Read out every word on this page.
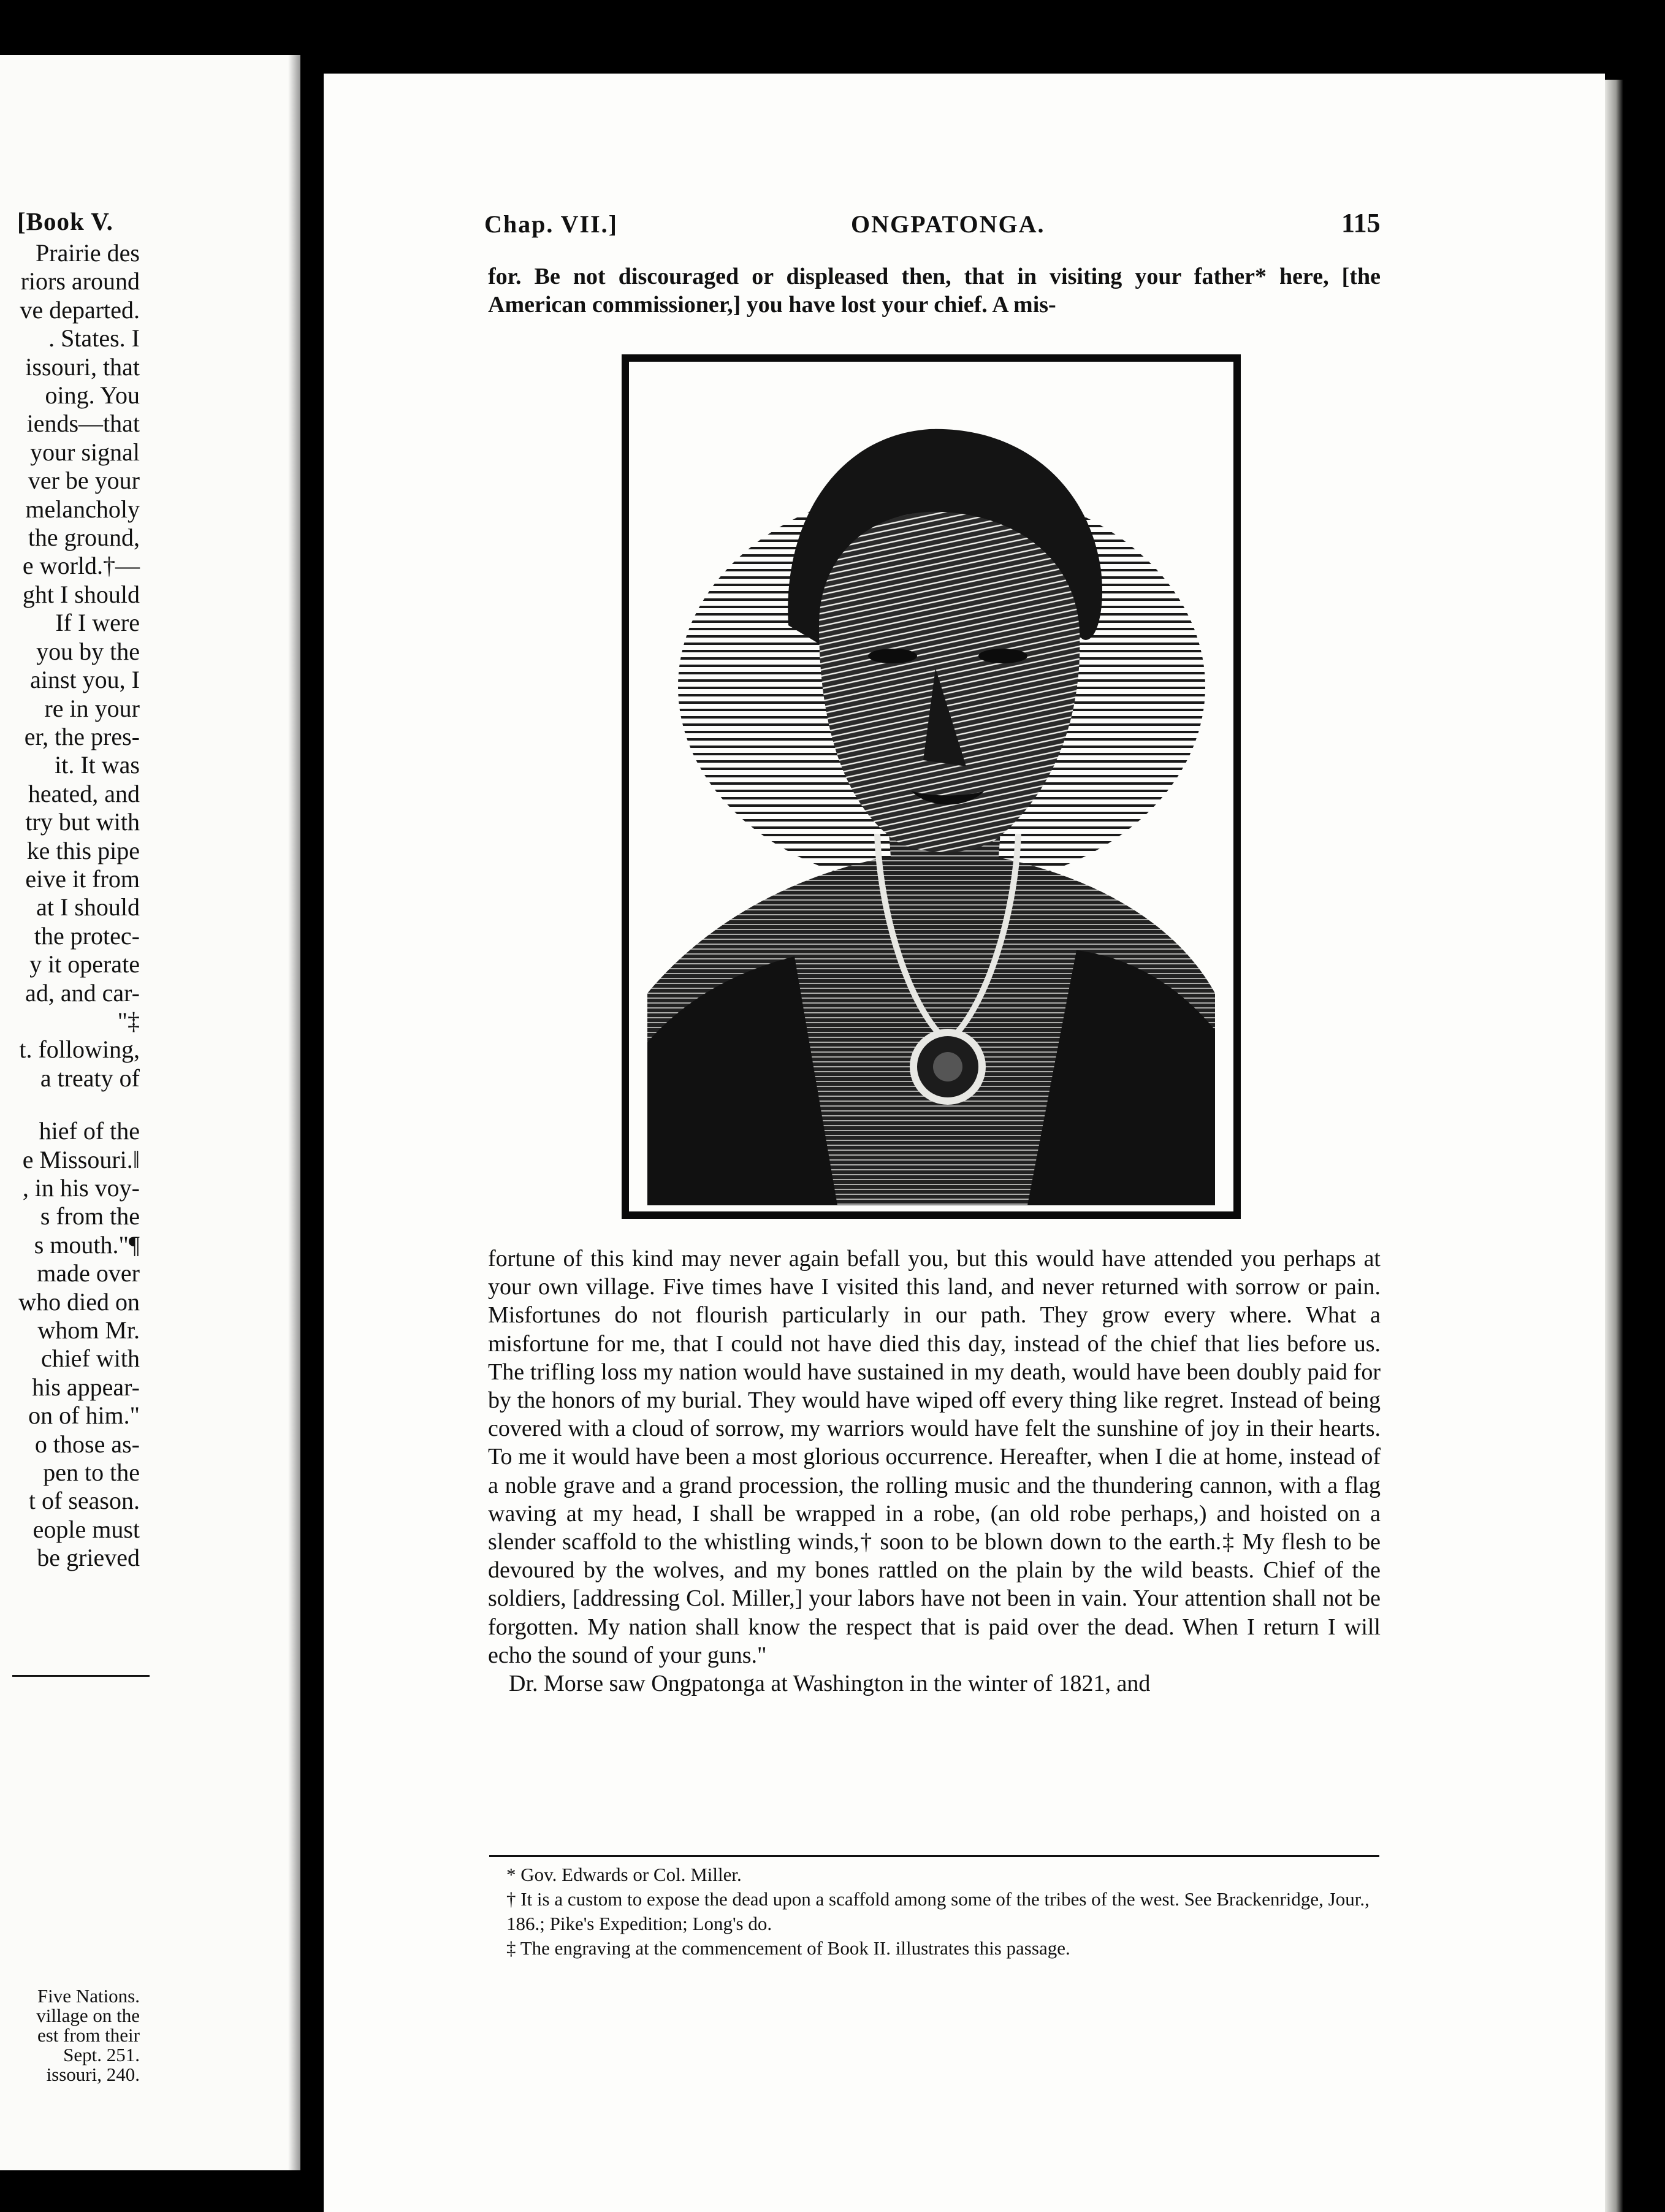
[Book V.
Prairie des
riors around
ve departed.
. States. I
issouri, that
oing. You
iends—that
your signal
ver be your
melancholy
the ground,
e world.†—
ght I should
If I were
you by the
ainst you, I
re in your
er, the pres-
it. It was
heated, and
try but with
ke this pipe
eive it from
at I should
the protec-
y it operate
ad, and car-
"‡
t. following,
a treaty of
hief of the
e Missouri.‖
, in his voy-
s from the
s mouth."¶
made over
who died on
whom Mr.
chief with
his appear-
on of him."
o those as-
pen to the
t of season.
eople must
be grieved
Five Nations.
village on the
est from their
Sept. 251.
issouri, 240.
Chap. VII.]	ONGPATONGA.	115

for. Be not discouraged or displeased then, that in visiting your father* here, [the American commissioner,] you have lost your chief. A mis-

fortune of this kind may never again befall you, but this would have attended you perhaps at your own village. Five times have I visited this land, and never returned with sorrow or pain. Misfortunes do not flourish particularly in our path. They grow every where. What a misfortune for me, that I could not have died this day, instead of the chief that lies before us. The trifling loss my nation would have sustained in my death, would have been doubly paid for by the honors of my burial. They would have wiped off every thing like regret. Instead of being covered with a cloud of sorrow, my warriors would have felt the sunshine of joy in their hearts. To me it would have been a most glorious occurrence. Hereafter, when I die at home, instead of a noble grave and a grand procession, the rolling music and the thundering cannon, with a flag waving at my head, I shall be wrapped in a robe, (an old robe perhaps,) and hoisted on a slender scaffold to the whistling winds,† soon to be blown down to the earth.‡ My flesh to be devoured by the wolves, and my bones rattled on the plain by the wild beasts. Chief of the soldiers, [addressing Col. Miller,] your labors have not been in vain. Your attention shall not be forgotten. My nation shall know the respect that is paid over the dead. When I return I will echo the sound of your guns."
Dr. Morse saw Ongpatonga at Washington in the winter of 1821, and

* Gov. Edwards or Col. Miller.

† It is a custom to expose the dead upon a scaffold among some of the tribes of the west. See Brackenridge, Jour., 186.; Pike's Expedition; Long's do.

‡ The engraving at the commencement of Book II. illustrates this passage.
